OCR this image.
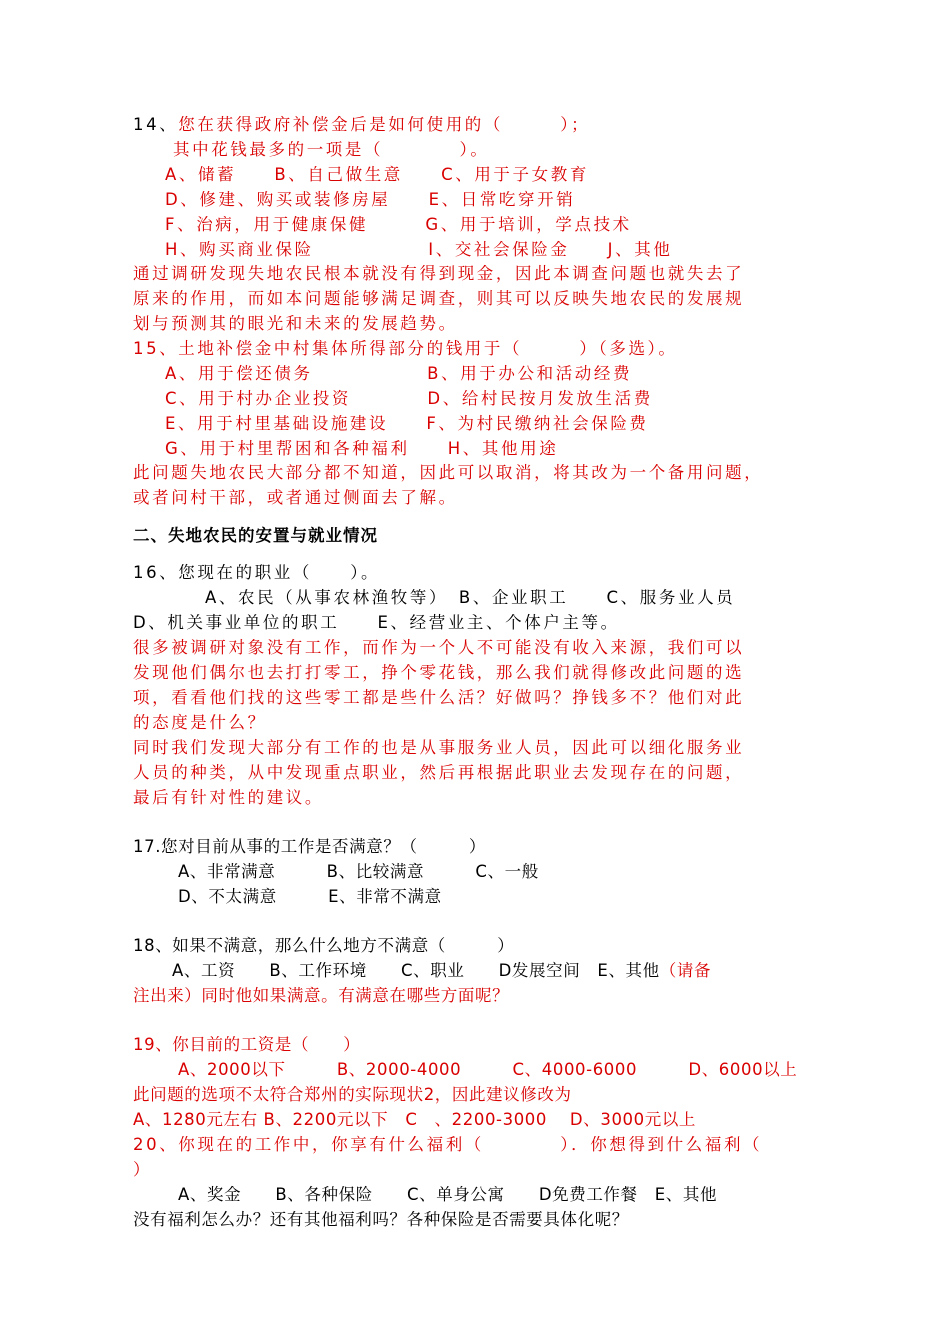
14、您在获得政府补偿金后是如何使用的（　　　）；
其中花钱最多的一项是（　　　　）。
A、储蓄　　B、自己做生意　　C、用于子女教育
D、修建、购买或装修房屋　　E、日常吃穿开销
F、治病，用于健康保健　　　G、用于培训，学点技术
H、购买商业保险　　　　　　I、交社会保险金　　J、其他
通过调研发现失地农民根本就没有得到现金，因此本调查问题也就失去了
原来的作用，而如本问题能够满足调查，则其可以反映失地农民的发展规
划与预测其的眼光和未来的发展趋势。
15、土地补偿金中村集体所得部分的钱用于（　　　）（多选）。
A、用于偿还债务　　　　　　B、用于办公和活动经费
C、用于村办企业投资　　　　D、给村民按月发放生活费
E、用于村里基础设施建设　　F、为村民缴纳社会保险费
G、用于村里帮困和各种福利　　H、其他用途
此问题失地农民大部分都不知道，因此可以取消，将其改为一个备用问题，
或者问村干部，或者通过侧面去了解。
二、失地农民的安置与就业情况
16、您现在的职业（　　）。
A、农民（从事农林渔牧等）　B、企业职工　　C、服务业人员
D、机关事业单位的职工　　E、经营业主、个体户主等。
很多被调研对象没有工作，而作为一个人不可能没有收入来源，我们可以
发现他们偶尔也去打打零工，挣个零花钱，那么我们就得修改此问题的选
项，看看他们找的这些零工都是些什么活？好做吗？挣钱多不？他们对此
的态度是什么？
同时我们发现大部分有工作的也是从事服务业人员，因此可以细化服务业
人员的种类，从中发现重点职业，然后再根据此职业去发现存在的问题，
最后有针对性的建议。
17.您对目前从事的工作是否满意？（　　　）
A、非常满意　　　B、比较满意　　　C、一般
D、不太满意　　　E、非常不满意
18、如果不满意，那么什么地方不满意（　　　）
A、工资　　B、工作环境　　C、职业　　D发展空间　E、其他（请备
注出来）同时他如果满意。有满意在哪些方面呢？
19、你目前的工资是（　　）
A、2000以下　　　B、2000-4000　　　C、4000-6000　　　D、6000以上
此问题的选项不太符合郑州的实际现状2，因此建议修改为
A、1280元左右 B、2200元以下　C　、2200-3000　 D、3000元以上
20、你现在的工作中，你享有什么福利（　　　　）．你想得到什么福利（
）
A、奖金　　B、各种保险　　C、单身公寓　　D免费工作餐　E、其他
没有福利怎么办？还有其他福利吗？各种保险是否需要具体化呢？
